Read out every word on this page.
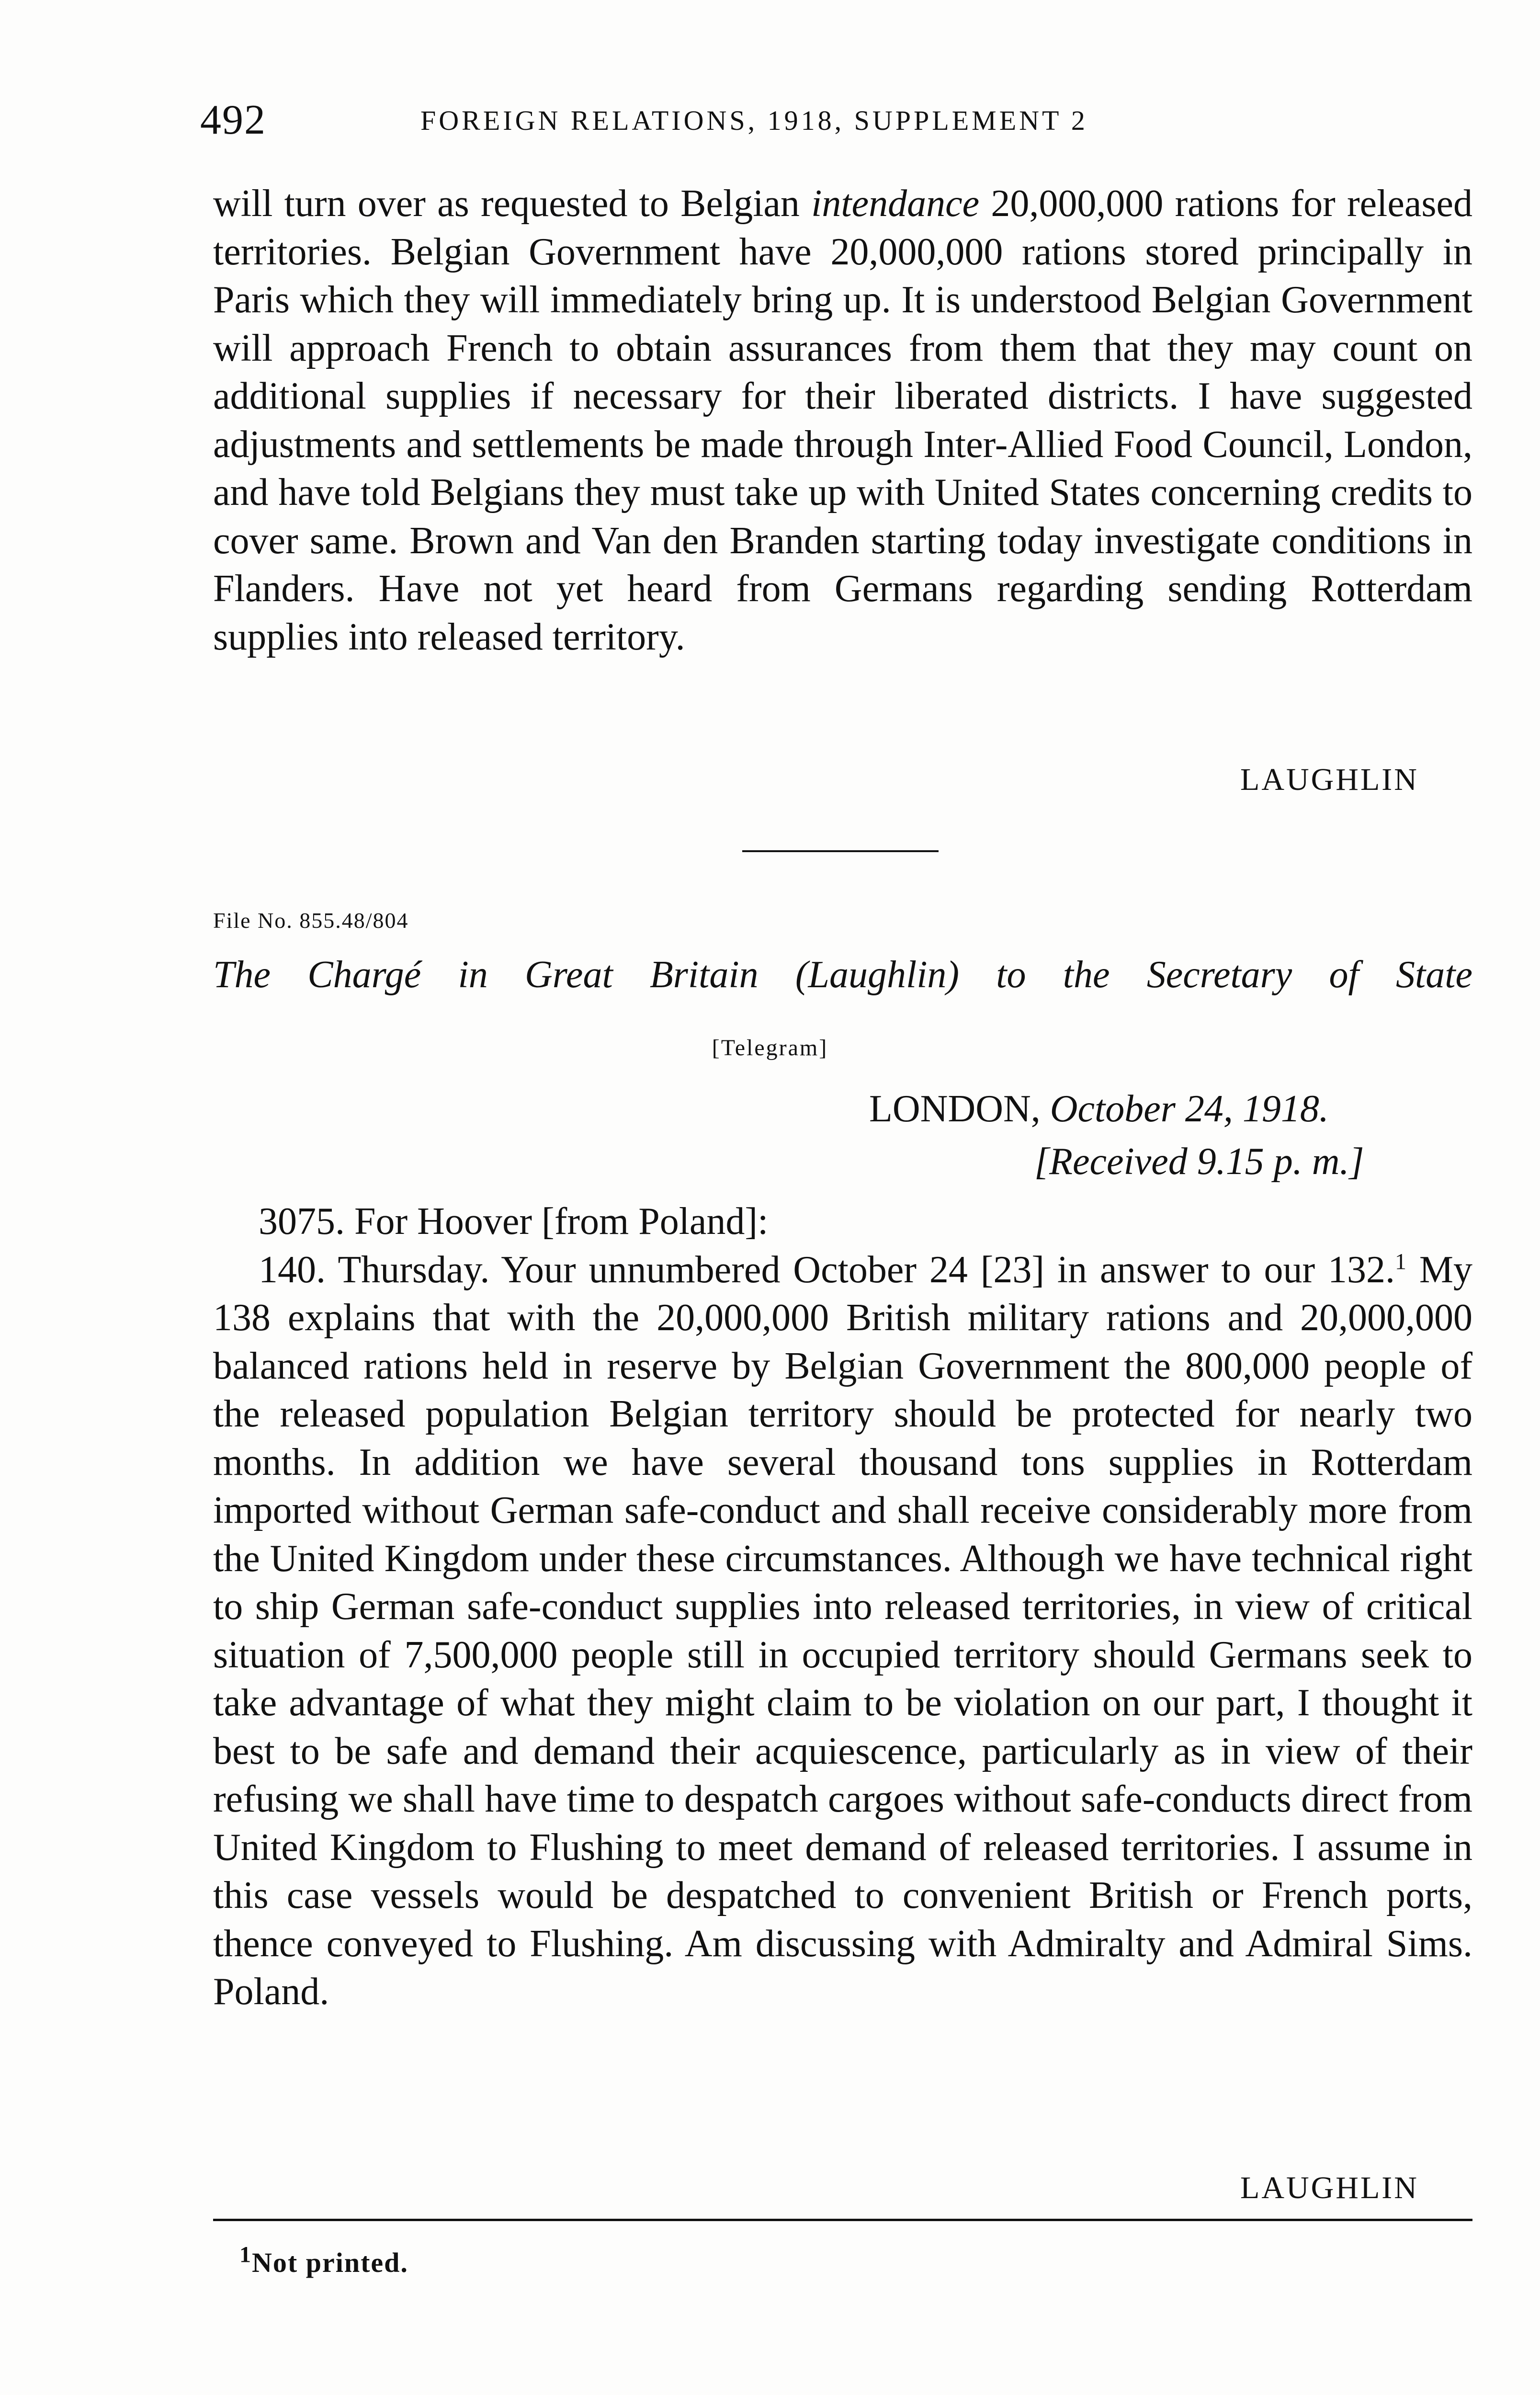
492	FOREIGN RELATIONS, 1918, SUPPLEMENT 2

will turn over as requested to Belgian intendance 20,000,000 rations for released territories. Belgian Government have 20,000,000 rations stored principally in Paris which they will immediately bring up. It is understood Belgian Government will approach French to obtain assurances from them that they may count on additional supplies if necessary for their liberated districts. I have suggested adjustments and settlements be made through Inter-Allied Food Council, London, and have told Belgians they must take up with United States concerning credits to cover same. Brown and Van den Branden starting today investigate conditions in Flanders. Have not yet heard from Germans regarding sending Rotterdam supplies into released territory.

LAUGHLIN
File No. 855.48/804
The Chargé in Great Britain (Laughlin) to the Secretary of State
[Telegram]
LONDON, October 24, 1918.
[Received 9.15 p. m.]

3075. For Hoover [from Poland]:

140. Thursday. Your unnumbered October 24 [23] in answer to our 132.$^1$ My 138 explains that with the 20,000,000 British military rations and 20,000,000 balanced rations held in reserve by Belgian Government the 800,000 people of the released population Belgian territory should be protected for nearly two months. In addition we have several thousand tons supplies in Rotterdam imported without German safe-conduct and shall receive considerably more from the United Kingdom under these circumstances. Although we have technical right to ship German safe-conduct supplies into released territories, in view of critical situation of 7,500,000 people still in occupied territory should Germans seek to take advantage of what they might claim to be violation on our part, I thought it best to be safe and demand their acquiescence, particularly as in view of their refusing we shall have time to despatch cargoes without safe-conducts direct from United Kingdom to Flushing to meet demand of released territories. I assume in this case vessels would be despatched to convenient British or French ports, thence conveyed to Flushing. Am discussing with Admiralty and Admiral Sims. Poland.

LAUGHLIN
$^1$Not printed.
